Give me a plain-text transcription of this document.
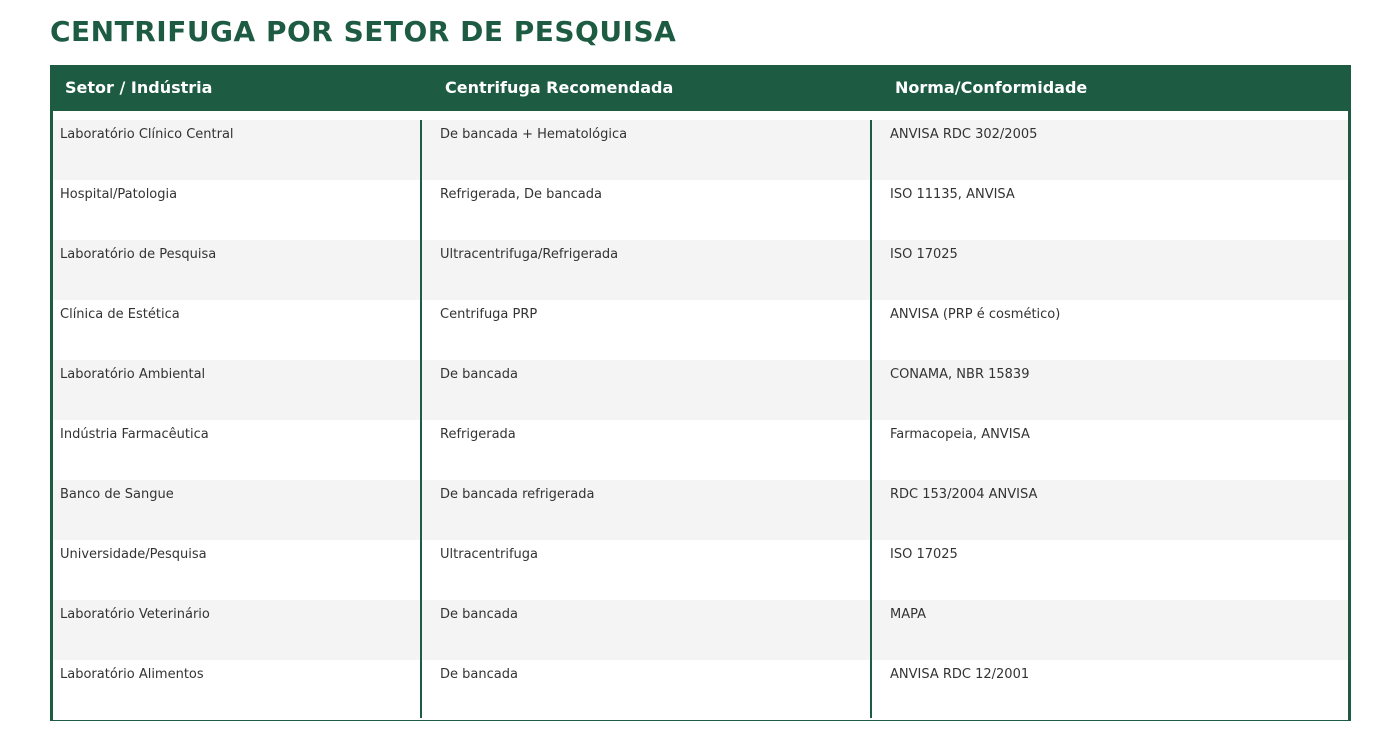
CENTRIFUGA POR SETOR DE PESQUISA
Setor / Indústria	Centrifuga Recomendada	Norma/Conformidade
Laboratório Clínico Central	De bancada + Hematológica	ANVISA RDC 302/2005
Hospital/Patologia	Refrigerada, De bancada	ISO 11135, ANVISA
Laboratório de Pesquisa	Ultracentrifuga/Refrigerada	ISO 17025
Clínica de Estética	Centrifuga PRP	ANVISA (PRP é cosmético)
Laboratório Ambiental	De bancada	CONAMA, NBR 15839
Indústria Farmacêutica	Refrigerada	Farmacopeia, ANVISA
Banco de Sangue	De bancada refrigerada	RDC 153/2004 ANVISA
Universidade/Pesquisa	Ultracentrifuga	ISO 17025
Laboratório Veterinário	De bancada	MAPA
Laboratório Alimentos	De bancada	ANVISA RDC 12/2001
